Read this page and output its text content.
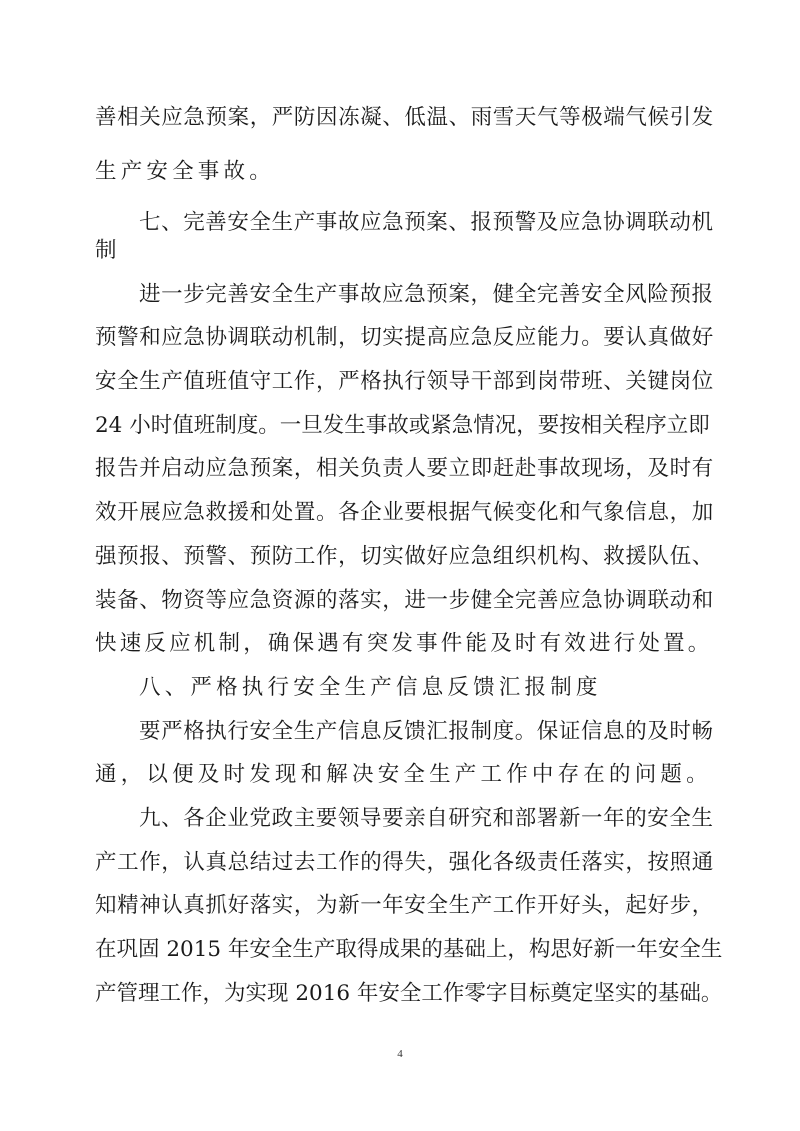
善相关应急预案，严防因冻凝、低温、雨雪天气等极端气候引发
生产安全事故。
七、完善安全生产事故应急预案、报预警及应急协调联动机
制
进一步完善安全生产事故应急预案，健全完善安全风险预报
预警和应急协调联动机制，切实提高应急反应能力。要认真做好
安全生产值班值守工作，严格执行领导干部到岗带班、关键岗位
24 小时值班制度。一旦发生事故或紧急情况，要按相关程序立即
报告并启动应急预案，相关负责人要立即赶赴事故现场，及时有
效开展应急救援和处置。各企业要根据气候变化和气象信息，加
强预报、预警、预防工作，切实做好应急组织机构、救援队伍、
装备、物资等应急资源的落实，进一步健全完善应急协调联动和
快速反应机制，确保遇有突发事件能及时有效进行处置。
八、严格执行安全生产信息反馈汇报制度
要严格执行安全生产信息反馈汇报制度。保证信息的及时畅
通，以便及时发现和解决安全生产工作中存在的问题。
九、各企业党政主要领导要亲自研究和部署新一年的安全生
产工作，认真总结过去工作的得失，强化各级责任落实，按照通
知精神认真抓好落实，为新一年安全生产工作开好头，起好步，
在巩固 2015 年安全生产取得成果的基础上，构思好新一年安全生
产管理工作，为实现 2016 年安全工作零字目标奠定坚实的基础。
4
